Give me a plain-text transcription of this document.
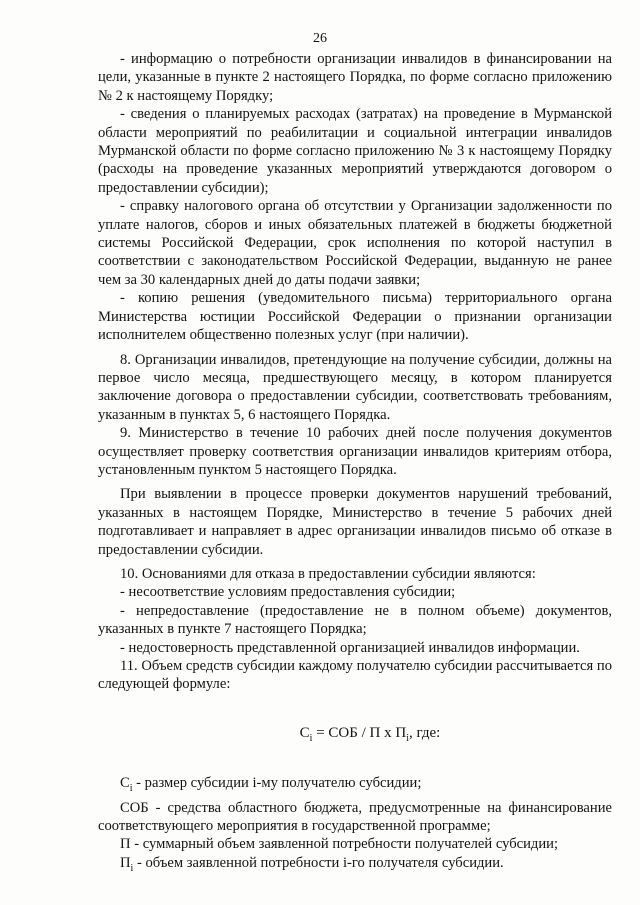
26

- информацию о потребности организации инвалидов в финансировании на цели, указанные в пункте 2 настоящего Порядка, по форме согласно приложению № 2 к настоящему Порядку;

- сведения о планируемых расходах (затратах) на проведение в Мурманской области мероприятий по реабилитации и социальной интеграции инвалидов Мурманской области по форме согласно приложению № 3 к настоящему Порядку (расходы на проведение указанных мероприятий утверждаются договором о предоставлении субсидии);

- справку налогового органа об отсутствии у Организации задолженности по уплате налогов, сборов и иных обязательных платежей в бюджеты бюджетной системы Российской Федерации, срок исполнения по которой наступил в соответствии с законодательством Российской Федерации, выданную не ранее чем за 30 календарных дней до даты подачи заявки;

- копию решения (уведомительного письма) территориального органа Министерства юстиции Российской Федерации о признании организации исполнителем общественно полезных услуг (при наличии).

8. Организации инвалидов, претендующие на получение субсидии, должны на первое число месяца, предшествующего месяцу, в котором планируется заключение договора о предоставлении субсидии, соответствовать требованиям, указанным в пунктах 5, 6 настоящего Порядка.

9. Министерство в течение 10 рабочих дней после получения документов осуществляет проверку соответствия организации инвалидов критериям отбора, установленным пунктом 5 настоящего Порядка.

При выявлении в процессе проверки документов нарушений требований, указанных в настоящем Порядке, Министерство в течение 5 рабочих дней подготавливает и направляет в адрес организации инвалидов письмо об отказе в предоставлении субсидии.

10. Основаниями для отказа в предоставлении субсидии являются:

- несоответствие условиям предоставления субсидии;

- непредоставление (предоставление не в полном объеме) документов, указанных в пункте 7 настоящего Порядка;

- недостоверность представленной организацией инвалидов информации.

11. Объем средств субсидии каждому получателю субсидии рассчитывается по следующей формуле:

$C_i$ = СОБ / П х $П_i$, где:

$C_i$ - размер субсидии i-му получателю субсидии;

СОБ - средства областного бюджета, предусмотренные на финансирование соответствующего мероприятия в государственной программе;

П - суммарный объем заявленной потребности получателей субсидии;

$П_i$ - объем заявленной потребности i-го получателя субсидии.
